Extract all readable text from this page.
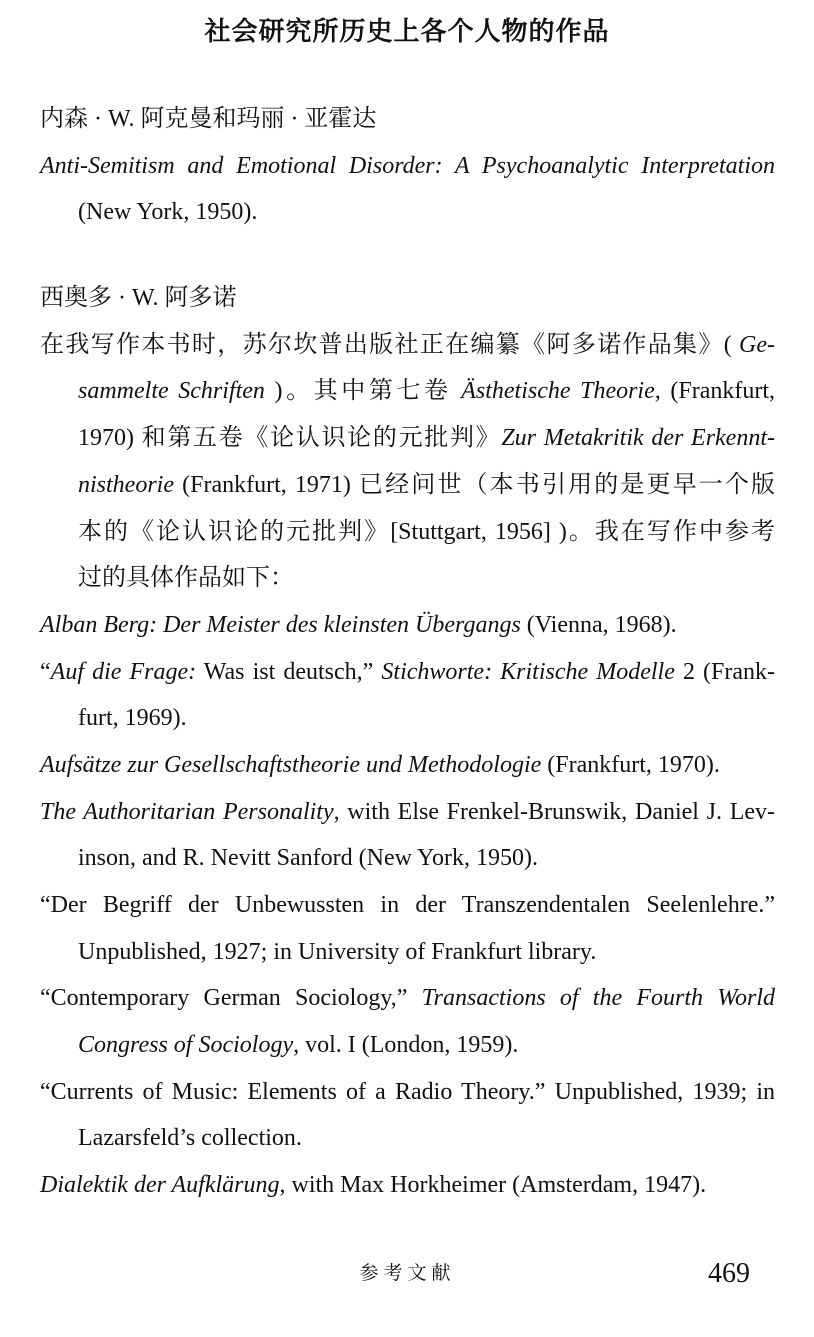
社会研究所历史上各个人物的作品
内森 · W. 阿克曼和玛丽 · 亚霍达
Anti-Semitism and Emotional Disorder: A Psychoanalytic Interpretation
(New York, 1950).
西奥多 · W. 阿多诺
在我写作本书时，苏尔坎普出版社正在编纂《阿多诺作品集》( Ge-
sammelte Schriften )。其中第七卷 Ästhetische Theorie, (Frankfurt,
1970) 和第五卷《论认识论的元批判》Zur Metakritik der Erkennt-
nistheorie (Frankfurt, 1971) 已经问世（本书引用的是更早一个版
本的《论认识论的元批判》[Stuttgart, 1956] )。我在写作中参考
过的具体作品如下：
Alban Berg: Der Meister des kleinsten Übergangs (Vienna, 1968).
“Auf die Frage: Was ist deutsch,” Stichworte: Kritische Modelle 2 (Frank-
furt, 1969).
Aufsätze zur Gesellschaftstheorie und Methodologie (Frankfurt, 1970).
The Authoritarian Personality, with Else Frenkel-Brunswik, Daniel J. Lev-
inson, and R. Nevitt Sanford (New York, 1950).
“Der Begriff der Unbewussten in der Transzendentalen Seelenlehre.”
Unpublished, 1927; in University of Frankfurt library.
“Contemporary German Sociology,” Transactions of the Fourth World
Congress of Sociology, vol. I (London, 1959).
“Currents of Music: Elements of a Radio Theory.” Unpublished, 1939; in
Lazarsfeld’s collection.
Dialektik der Aufklärung, with Max Horkheimer (Amsterdam, 1947).
参考文献	469
